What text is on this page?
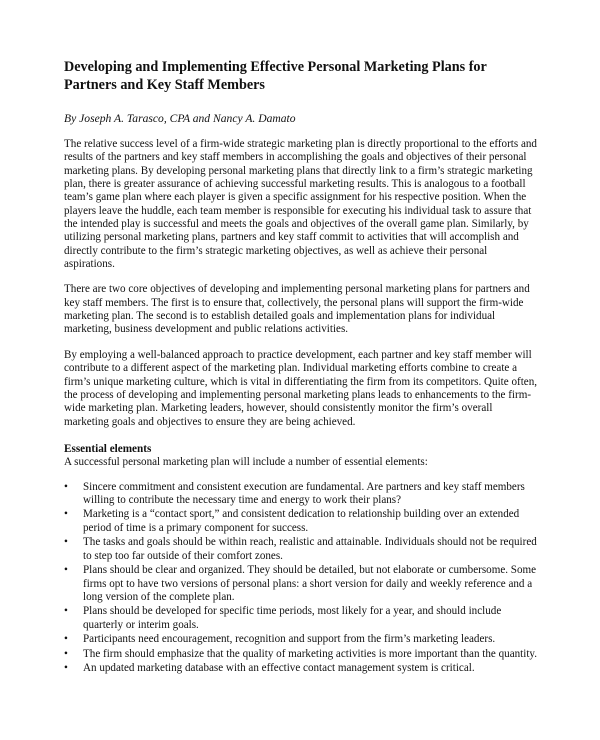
Developing and Implementing Effective Personal Marketing Plans for Partners and Key Staff Members

By Joseph A. Tarasco, CPA and Nancy A. Damato

The relative success level of a firm-wide strategic marketing plan is directly proportional to the efforts and results of the partners and key staff members in accomplishing the goals and objectives of their personal marketing plans. By developing personal marketing plans that directly link to a firm’s strategic marketing plan, there is greater assurance of achieving successful marketing results. This is analogous to a football team’s game plan where each player is given a specific assignment for his respective position. When the players leave the huddle, each team member is responsible for executing his individual task to assure that the intended play is successful and meets the goals and objectives of the overall game plan. Similarly, by utilizing personal marketing plans, partners and key staff commit to activities that will accomplish and directly contribute to the firm’s strategic marketing objectives, as well as achieve their personal aspirations.

There are two core objectives of developing and implementing personal marketing plans for partners and key staff members. The first is to ensure that, collectively, the personal plans will support the firm-wide marketing plan. The second is to establish detailed goals and implementation plans for individual marketing, business development and public relations activities.

By employing a well-balanced approach to practice development, each partner and key staff member will contribute to a different aspect of the marketing plan. Individual marketing efforts combine to create a firm’s unique marketing culture, which is vital in differentiating the firm from its competitors. Quite often, the process of developing and implementing personal marketing plans leads to enhancements to the firm-wide marketing plan. Marketing leaders, however, should consistently monitor the firm’s overall marketing goals and objectives to ensure they are being achieved.

Essential elements

A successful personal marketing plan will include a number of essential elements:

•	Sincere commitment and consistent execution are fundamental. Are partners and key staff members willing to contribute the necessary time and energy to work their plans?
•	Marketing is a “contact sport,” and consistent dedication to relationship building over an extended period of time is a primary component for success.
•	The tasks and goals should be within reach, realistic and attainable. Individuals should not be required to step too far outside of their comfort zones.
•	Plans should be clear and organized. They should be detailed, but not elaborate or cumbersome. Some firms opt to have two versions of personal plans: a short version for daily and weekly reference and a long version of the complete plan.
•	Plans should be developed for specific time periods, most likely for a year, and should include quarterly or interim goals.
•	Participants need encouragement, recognition and support from the firm’s marketing leaders.
•	The firm should emphasize that the quality of marketing activities is more important than the quantity.
•	An updated marketing database with an effective contact management system is critical.
